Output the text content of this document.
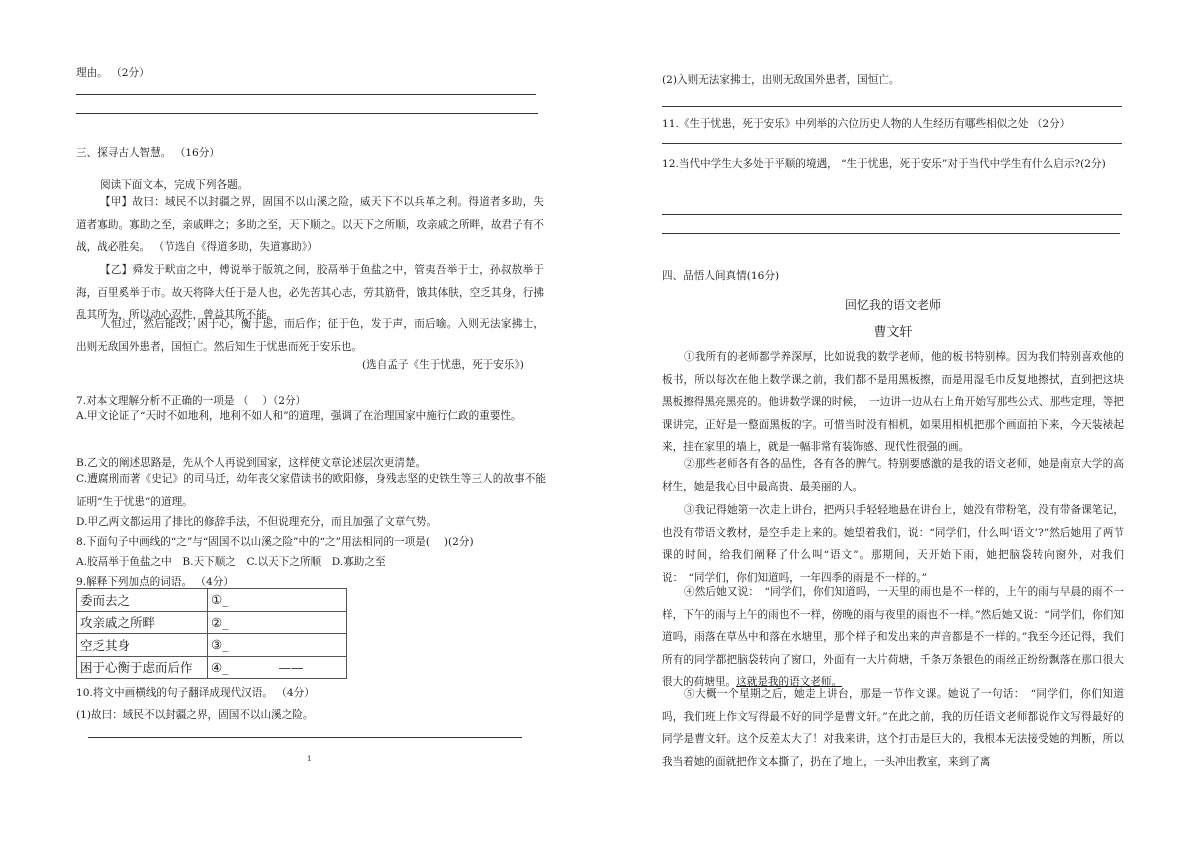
理由。 （2分）
三、探寻古人智慧。 （16分）
阅读下面文本，完成下列各题。
【甲】故曰：域民不以封疆之界，固国不以山溪之险，威天下不以兵革之利。得道者多助，失道者寡助。寡助之至，亲戚畔之；多助之至，天下顺之。以天下之所顺，攻亲戚之所畔，故君子有不战，战必胜矣。 （节选自《得道多助，失道寡助》）
【乙】舜发于畎亩之中，傅说举于版筑之间，胶鬲举于鱼盐之中，管夷吾举于士，孙叔敖举于海，百里奚举于市。故天将降大任于是人也，必先苦其心志，劳其筋骨，饿其体肤，空乏其身，行拂乱其所为，所以动心忍性，曾益其所不能。
人恒过，然后能改；困于心，衡于虑，而后作；征于色，发于声，而后喻。入则无法家拂士，出则无敌国外患者，国恒亡。然后知生于忧患而死于安乐也。
(选自孟子《生于忧患，死于安乐》)
7.对本文理解分析不正确的一项是 （　 ）（2分）
A.甲文论证了“天时不如地利，地利不如人和”的道理，强调了在治理国家中施行仁政的重要性。
B.乙文的阐述思路是，先从个人再说到国家，这样使文章论述层次更清楚。
C.遭腐刑而著《史记》的司马迁，幼年丧父家借读书的欧阳修，身残志坚的史铁生等三人的故事不能证明“生于忧患”的道理。
D.甲乙两文都运用了排比的修辞手法，不但说理充分，而且加强了文章气势。
8.下面句子中画线的“之”与“固国不以山溪之险”中的“之”用法相同的一项是(　 )(2分)
A.胶鬲举于鱼盐之中　B.天下顺之　C.以天下之所顺　D.寡助之至
9.解释下列加点的词语。 （4分）
委而去之	①_
攻亲戚之所畔	②_
空乏其身	③_
困于心衡于虑而后作	④_　　　　——
10.将文中画横线的句子翻译成现代汉语。 （4分）
(1)故曰：域民不以封疆之界，固国不以山溪之险。
1
(2)入则无法家拂士，出则无敌国外患者，国恒亡。
11.《生于忧患，死于安乐》中列举的六位历史人物的人生经历有哪些相似之处 （2分）
12.当代中学生大多处于平顺的境遇， “生于忧患，死于安乐”对于当代中学生有什么启示?(2分)
四、品悟人间真情(16分)
回忆我的语文老师
曹文轩
①我所有的老师都学养深厚，比如说我的数学老师，他的板书特别棒。因为我们特别喜欢他的板书，所以每次在他上数学课之前，我们都不是用黑板擦，而是用湿毛巾反复地擦拭，直到把这块黑板擦得黑亮黑亮的。他讲数学课的时候，　一边讲一边从右上角开始写那些公式、那些定理，等把课讲完，正好是一整面黑板的字。可惜当时没有相机，如果用相机把那个画面拍下来，今天装裱起来，挂在家里的墙上，就是一幅非常有装饰感、现代性很强的画。
②那些老师各有各的品性，各有各的脾气。特别要感激的是我的语文老师，她是南京大学的高材生，她是我心目中最高贵、最美丽的人。
③我记得她第一次走上讲台，把两只手轻轻地悬在讲台上，她没有带粉笔，没有带备课笔记，也没有带语文教材，是空手走上来的。她望着我们，说：“同学们，什么叫‘语文’?”然后她用了两节课的时间，给我们阐释了什么叫“语文”。那期间，天开始下雨，她把脑袋转向窗外，对我们说：　“同学们，你们知道吗，一年四季的雨是不一样的。”
④然后她又说：　“同学们，你们知道吗，一天里的雨也是不一样的，上午的雨与早晨的雨不一样，下午的雨与上午的雨也不一样，傍晚的雨与夜里的雨也不一样。”然后她又说：“同学们，你们知道吗，雨落在草丛中和落在水塘里，那个样子和发出来的声音都是不一样的。”我至今还记得，我们所有的同学都把脑袋转向了窗口，外面有一大片荷塘，千条万条银色的雨丝正纷纷飘落在那口很大很大的荷塘里。这就是我的语文老师。
⑤大概一个星期之后，她走上讲台，那是一节作文课。她说了一句话：　“同学们，你们知道吗，我们班上作文写得最不好的同学是曹文轩。”在此之前，我的历任语文老师都说作文写得最好的同学是曹文轩。这个反差太大了！对我来讲，这个打击是巨大的，我根本无法接受她的判断，所以我当着她的面就把作文本撕了，扔在了地上，一头冲出教室，来到了离
